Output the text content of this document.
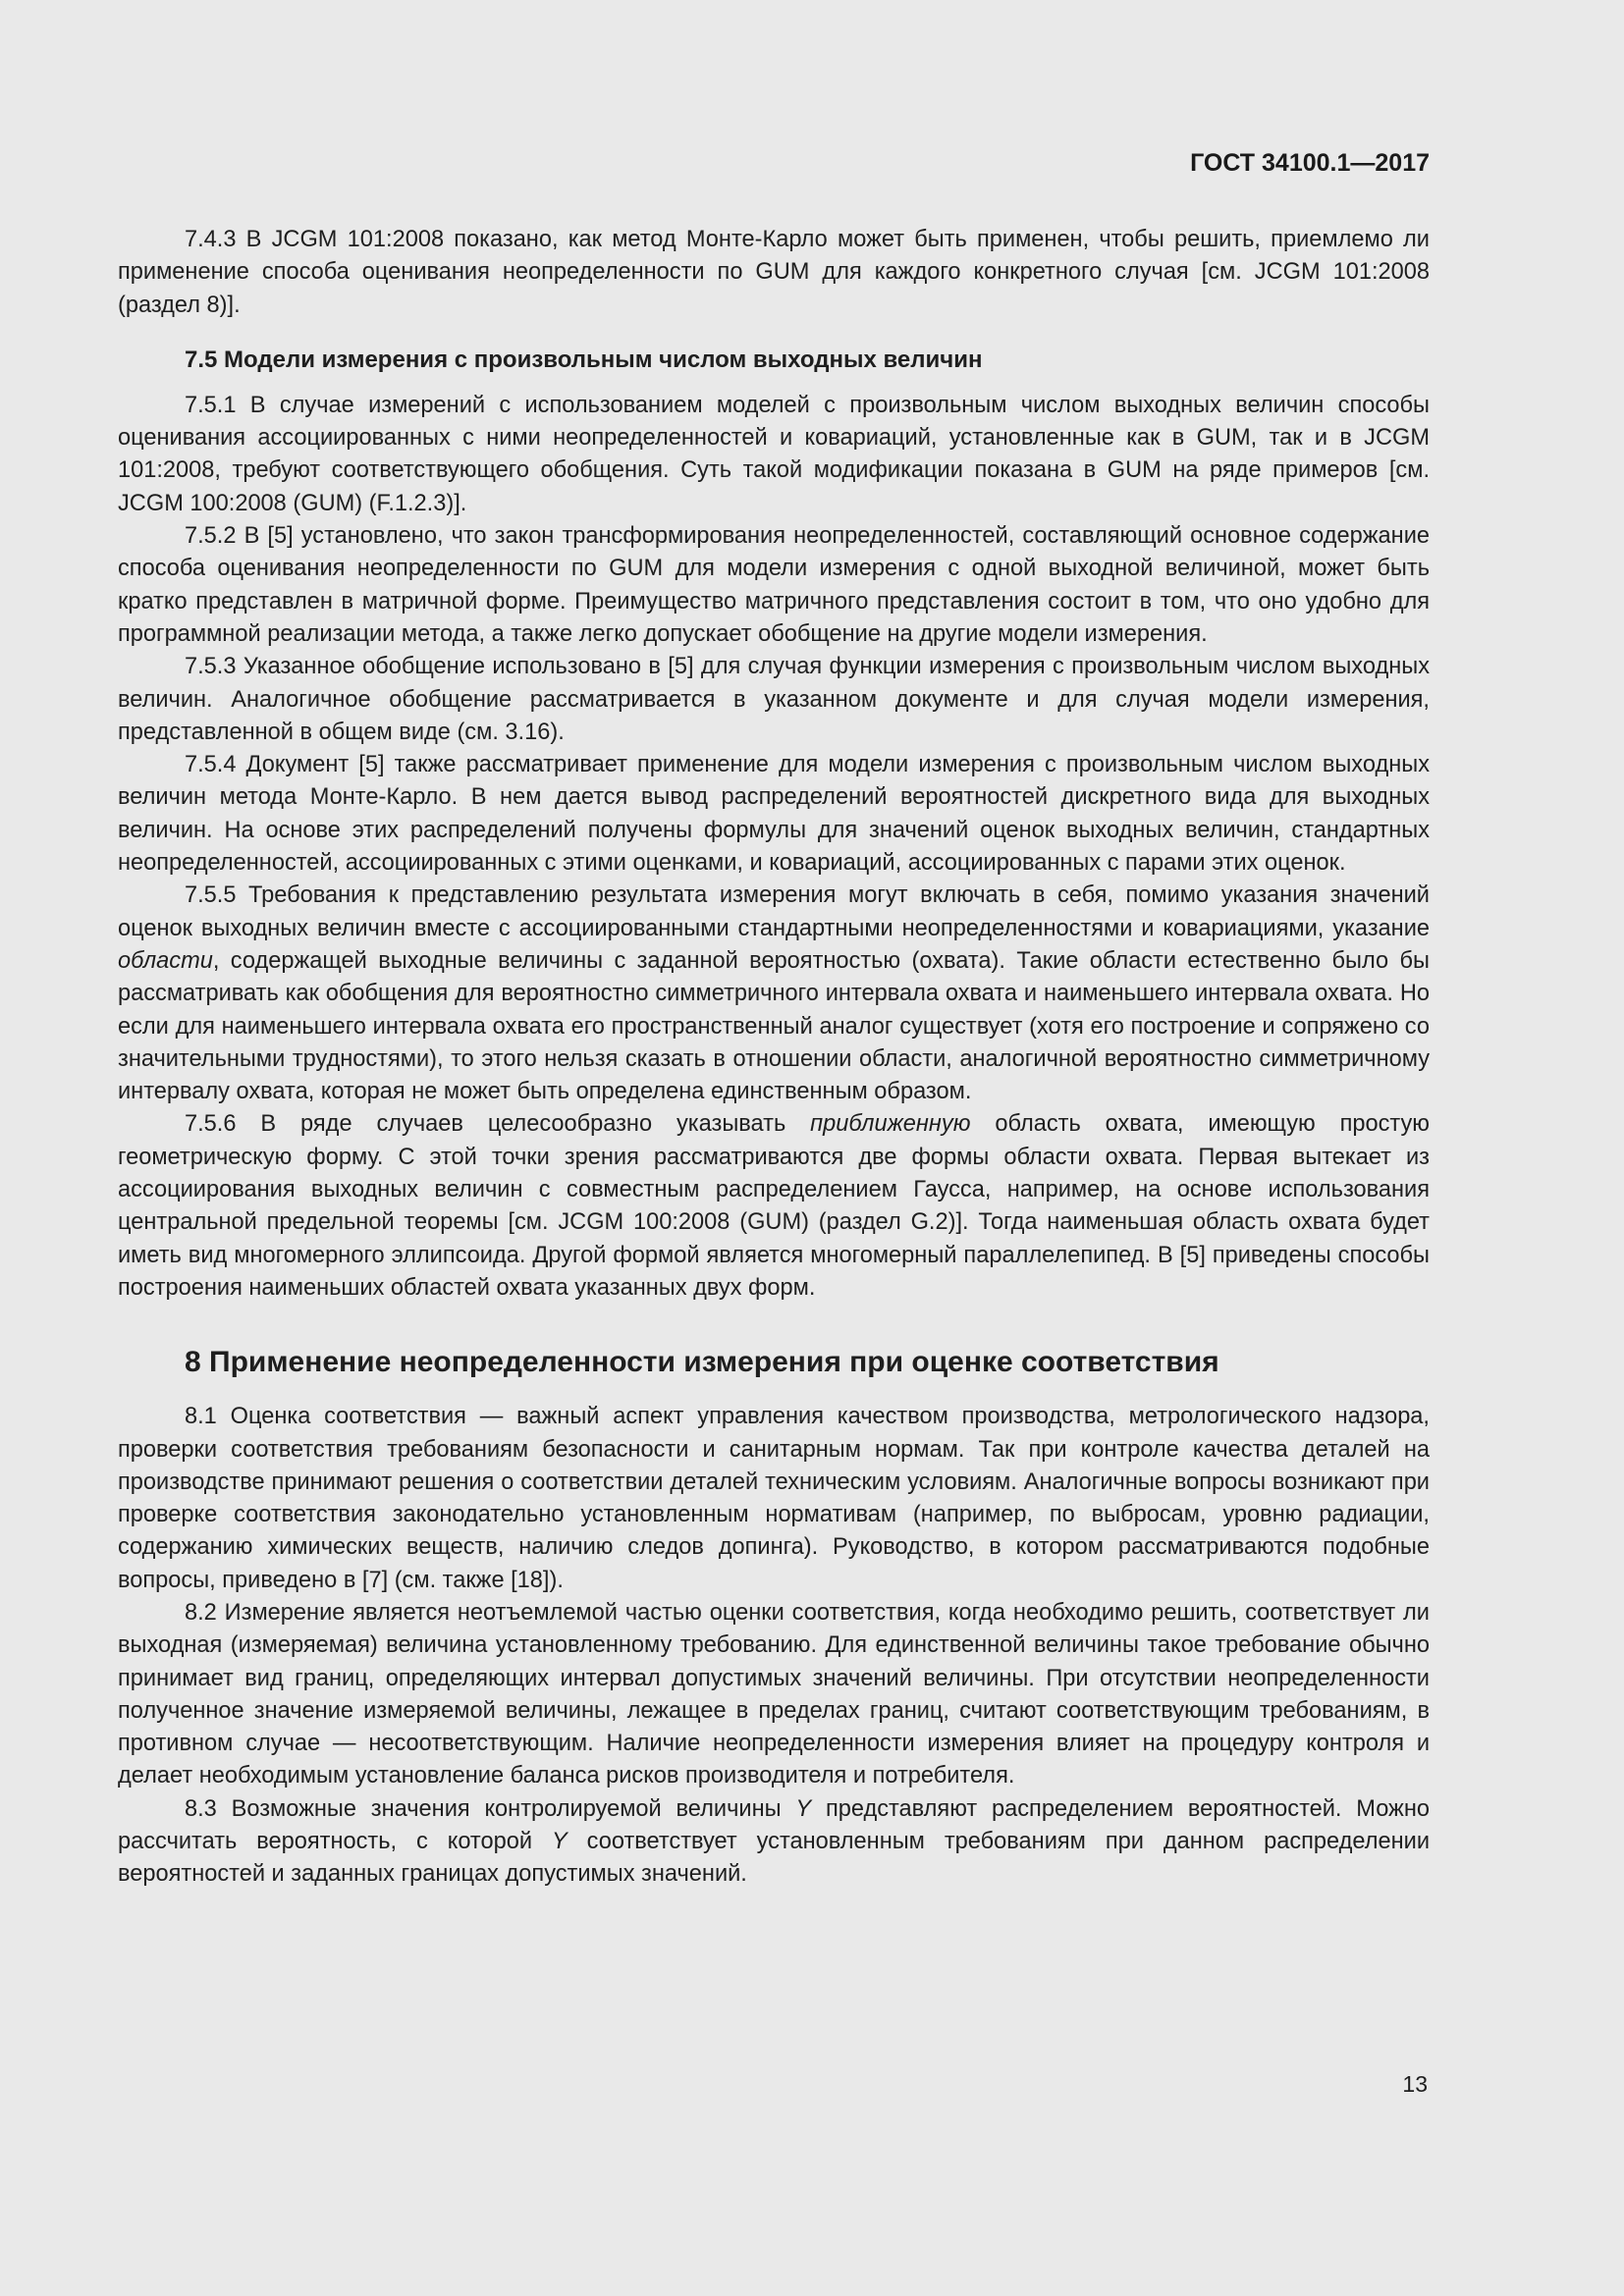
ГОСТ 34100.1—2017

7.4.3 В JCGM 101:2008 показано, как метод Монте-Карло может быть применен, чтобы решить, приемлемо ли применение способа оценивания неопределенности по GUM для каждого конкретного случая [см. JCGM 101:2008 (раздел 8)].

7.5 Модели измерения с произвольным числом выходных величин

7.5.1 В случае измерений с использованием моделей с произвольным числом выходных величин способы оценивания ассоциированных с ними неопределенностей и ковариаций, установленные как в GUM, так и в JCGM 101:2008, требуют соответствующего обобщения. Суть такой модификации показана в GUM на ряде примеров [см. JCGM 100:2008 (GUM) (F.1.2.3)].

7.5.2 В [5] установлено, что закон трансформирования неопределенностей, составляющий основное содержание способа оценивания неопределенности по GUM для модели измерения с одной выходной величиной, может быть кратко представлен в матричной форме. Преимущество матричного представления состоит в том, что оно удобно для программной реализации метода, а также легко допускает обобщение на другие модели измерения.

7.5.3 Указанное обобщение использовано в [5] для случая функции измерения с произвольным числом выходных величин. Аналогичное обобщение рассматривается в указанном документе и для случая модели измерения, представленной в общем виде (см. 3.16).

7.5.4 Документ [5] также рассматривает применение для модели измерения с произвольным числом выходных величин метода Монте-Карло. В нем дается вывод распределений вероятностей дискретного вида для выходных величин. На основе этих распределений получены формулы для значений оценок выходных величин, стандартных неопределенностей, ассоциированных с этими оценками, и ковариаций, ассоциированных с парами этих оценок.

7.5.5 Требования к представлению результата измерения могут включать в себя, помимо указания значений оценок выходных величин вместе с ассоциированными стандартными неопределенностями и ковариациями, указание области, содержащей выходные величины с заданной вероятностью (охвата). Такие области естественно было бы рассматривать как обобщения для вероятностно симметричного интервала охвата и наименьшего интервала охвата. Но если для наименьшего интервала охвата его пространственный аналог существует (хотя его построение и сопряжено со значительными трудностями), то этого нельзя сказать в отношении области, аналогичной вероятностно симметричному интервалу охвата, которая не может быть определена единственным образом.

7.5.6 В ряде случаев целесообразно указывать приближенную область охвата, имеющую простую геометрическую форму. С этой точки зрения рассматриваются две формы области охвата. Первая вытекает из ассоциирования выходных величин с совместным распределением Гаусса, например, на основе использования центральной предельной теоремы [см. JCGM 100:2008 (GUM) (раздел G.2)]. Тогда наименьшая область охвата будет иметь вид многомерного эллипсоида. Другой формой является многомерный параллелепипед. В [5] приведены способы построения наименьших областей охвата указанных двух форм.

8 Применение неопределенности измерения при оценке соответствия

8.1 Оценка соответствия — важный аспект управления качеством производства, метрологического надзора, проверки соответствия требованиям безопасности и санитарным нормам. Так при контроле качества деталей на производстве принимают решения о соответствии деталей техническим условиям. Аналогичные вопросы возникают при проверке соответствия законодательно установленным нормативам (например, по выбросам, уровню радиации, содержанию химических веществ, наличию следов допинга). Руководство, в котором рассматриваются подобные вопросы, приведено в [7] (см. также [18]).

8.2 Измерение является неотъемлемой частью оценки соответствия, когда необходимо решить, соответствует ли выходная (измеряемая) величина установленному требованию. Для единственной величины такое требование обычно принимает вид границ, определяющих интервал допустимых значений величины. При отсутствии неопределенности полученное значение измеряемой величины, лежащее в пределах границ, считают соответствующим требованиям, в противном случае — несоответствующим. Наличие неопределенности измерения влияет на процедуру контроля и делает необходимым установление баланса рисков производителя и потребителя.

8.3 Возможные значения контролируемой величины Y представляют распределением вероятностей. Можно рассчитать вероятность, с которой Y соответствует установленным требованиям при данном распределении вероятностей и заданных границах допустимых значений.

13
